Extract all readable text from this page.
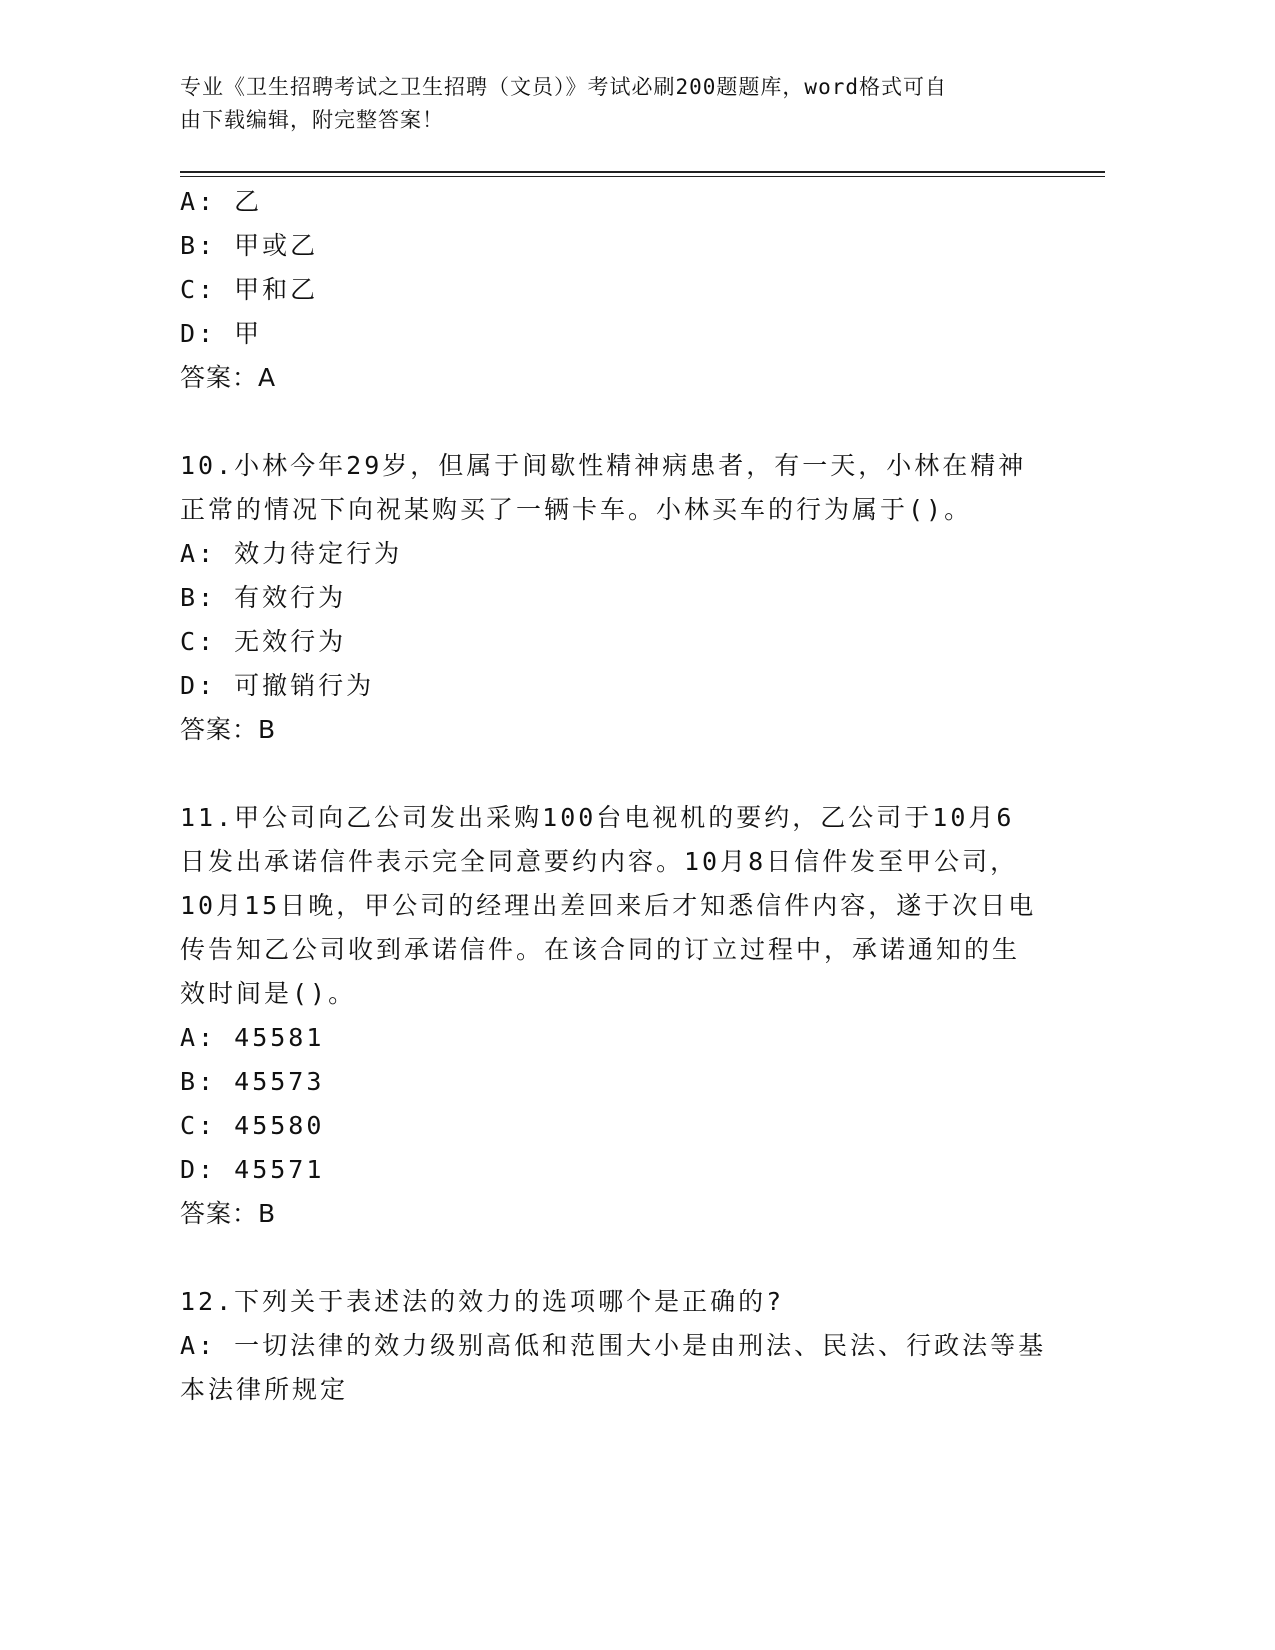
专业《卫生招聘考试之卫生招聘（文员）》考试必刷200题题库，word格式可自
由下载编辑，附完整答案！
A: 乙
B: 甲或乙
C: 甲和乙
D: 甲
答案：A
10.小林今年29岁，但属于间歇性精神病患者，有一天，小林在精神
正常的情况下向祝某购买了一辆卡车。小林买车的行为属于()。
A: 效力待定行为
B: 有效行为
C: 无效行为
D: 可撤销行为
答案：B
11.甲公司向乙公司发出采购100台电视机的要约，乙公司于10月6
日发出承诺信件表示完全同意要约内容。10月8日信件发至甲公司，
10月15日晚，甲公司的经理出差回来后才知悉信件内容，遂于次日电
传告知乙公司收到承诺信件。在该合同的订立过程中，承诺通知的生
效时间是()。
A: 45581
B: 45573
C: 45580
D: 45571
答案：B
12.下列关于表述法的效力的选项哪个是正确的?
A: 一切法律的效力级别高低和范围大小是由刑法、民法、行政法等基
本法律所规定
